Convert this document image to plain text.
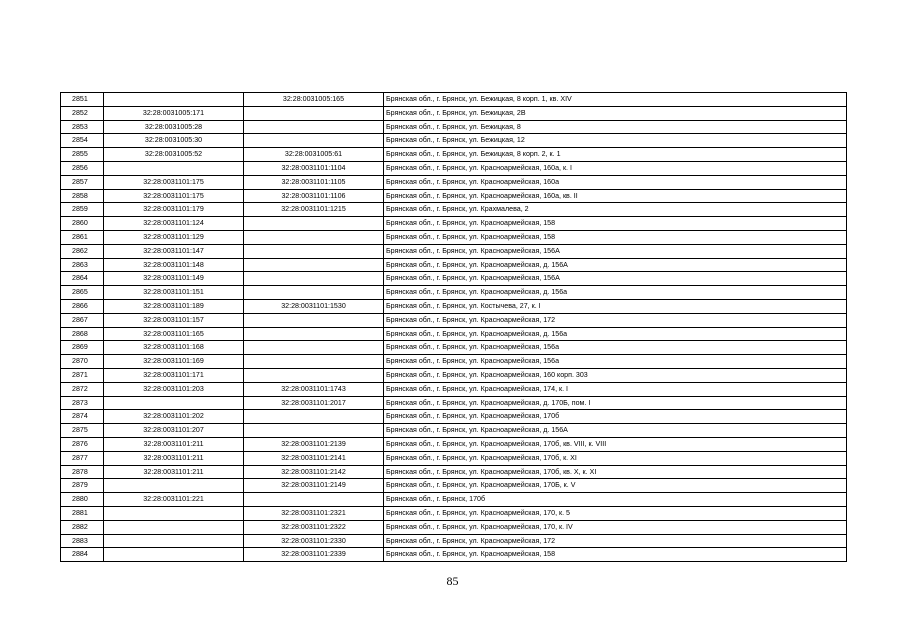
2851		32:28:0031005:165	Брянская обл., г. Брянск, ул. Бежицкая, 8 корп. 1, кв. XIV
2852	32:28:0031005:171		Брянская обл., г. Брянск, ул. Бежицкая, 2В
2853	32:28:0031005:28		Брянская обл., г. Брянск, ул. Бежицкая, 8
2854	32:28:0031005:30		Брянская обл., г. Брянск, ул. Бежицкая, 12
2855	32:28:0031005:52	32:28:0031005:61	Брянская обл., г. Брянск, ул. Бежицкая, 8 корп. 2, к. 1
2856		32:28:0031101:1104	Брянская обл., г. Брянск, ул. Красноармейская, 160а, к. I
2857	32:28:0031101:175	32:28:0031101:1105	Брянская обл., г. Брянск, ул. Красноармейская, 160а
2858	32:28:0031101:175	32:28:0031101:1106	Брянская обл., г. Брянск, ул. Красноармейская, 160а, кв. II
2859	32:28:0031101:179	32:28:0031101:1215	Брянская обл., г. Брянск, ул. Крахмалева, 2
2860	32:28:0031101:124		Брянская обл., г. Брянск, ул. Красноармейская, 158
2861	32:28:0031101:129		Брянская обл., г. Брянск, ул. Красноармейская, 158
2862	32:28:0031101:147		Брянская обл., г. Брянск, ул. Красноармейская, 156А
2863	32:28:0031101:148		Брянская обл., г. Брянск, ул. Красноармейская, д. 156А
2864	32:28:0031101:149		Брянская обл., г. Брянск, ул. Красноармейская, 156А
2865	32:28:0031101:151		Брянская обл., г. Брянск, ул. Красноармейская, д. 156а
2866	32:28:0031101:189	32:28:0031101:1530	Брянская обл., г. Брянск, ул. Костычева, 27, к. I
2867	32:28:0031101:157		Брянская обл., г. Брянск, ул. Красноармейская, 172
2868	32:28:0031101:165		Брянская обл., г. Брянск, ул. Красноармейская, д. 156а
2869	32:28:0031101:168		Брянская обл., г. Брянск, ул. Красноармейская, 156а
2870	32:28:0031101:169		Брянская обл., г. Брянск, ул. Красноармейская, 156а
2871	32:28:0031101:171		Брянская обл., г. Брянск, ул. Красноармейская, 160 корп. 303
2872	32:28:0031101:203	32:28:0031101:1743	Брянская обл., г. Брянск, ул. Красноармейская, 174, к. I
2873		32:28:0031101:2017	Брянская обл., г. Брянск, ул. Красноармейская, д. 170Б, пом. I
2874	32:28:0031101:202		Брянская обл., г. Брянск, ул. Красноармейская, 170б
2875	32:28:0031101:207		Брянская обл., г. Брянск, ул. Красноармейская, д. 156А
2876	32:28:0031101:211	32:28:0031101:2139	Брянская обл., г. Брянск, ул. Красноармейская, 170б, кв. VIII, к. VIII
2877	32:28:0031101:211	32:28:0031101:2141	Брянская обл., г. Брянск, ул. Красноармейская, 170б, к. XI
2878	32:28:0031101:211	32:28:0031101:2142	Брянская обл., г. Брянск, ул. Красноармейская, 170б, кв. X, к. XI
2879		32:28:0031101:2149	Брянская обл., г. Брянск, ул. Красноармейская, 170Б, к. V
2880	32:28:0031101:221		Брянская обл., г. Брянск, 170б
2881		32:28:0031101:2321	Брянская обл., г. Брянск, ул. Красноармейская, 170, к. 5
2882		32:28:0031101:2322	Брянская обл., г. Брянск, ул. Красноармейская, 170, к. IV
2883		32:28:0031101:2330	Брянская обл., г. Брянск, ул. Красноармейская, 172
2884		32:28:0031101:2339	Брянская обл., г. Брянск, ул. Красноармейская, 158
85
